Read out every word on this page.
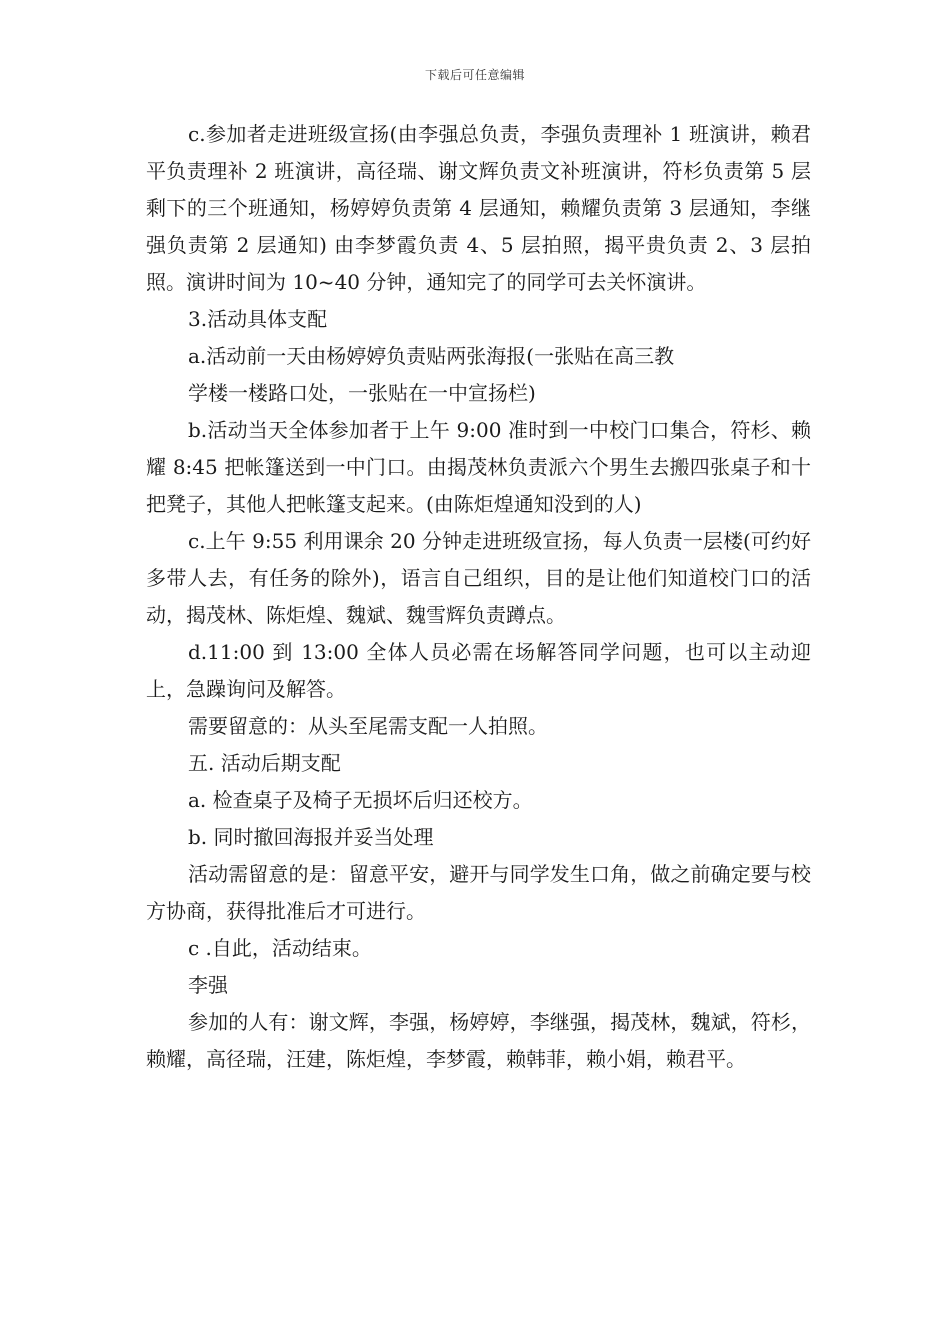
下载后可任意编辑

c.参加者走进班级宣扬(由李强总负责，李强负责理补 1 班演讲，赖君平负责理补 2 班演讲，高径瑞、谢文辉负责文补班演讲，符杉负责第 5 层剩下的三个班通知，杨婷婷负责第 4 层通知，赖耀负责第 3 层通知，李继强负责第 2 层通知) 由李梦霞负责 4、5 层拍照，揭平贵负责 2、3 层拍照。演讲时间为 10~40 分钟，通知完了的同学可去关怀演讲。

3.活动具体支配

a.活动前一天由杨婷婷负责贴两张海报(一张贴在高三教

学楼一楼路口处，一张贴在一中宣扬栏)

b.活动当天全体参加者于上午 9:00 准时到一中校门口集合，符杉、赖耀 8:45 把帐篷送到一中门口。由揭茂林负责派六个男生去搬四张桌子和十把凳子，其他人把帐篷支起来。(由陈炬煌通知没到的人)

c.上午 9:55 利用课余 20 分钟走进班级宣扬，每人负责一层楼(可约好多带人去，有任务的除外)，语言自己组织，目的是让他们知道校门口的活动，揭茂林、陈炬煌、魏斌、魏雪辉负责蹲点。

d.11:00 到 13:00 全体人员必需在场解答同学问题，也可以主动迎上，急躁询问及解答。

需要留意的：从头至尾需支配一人拍照。

五. 活动后期支配

a. 检查桌子及椅子无损坏后归还校方。

b. 同时撤回海报并妥当处理

活动需留意的是：留意平安，避开与同学发生口角，做之前确定要与校方协商，获得批准后才可进行。

c .自此，活动结束。

李强

参加的人有：谢文辉，李强，杨婷婷，李继强，揭茂林，魏斌，符杉，赖耀，高径瑞，汪建，陈炬煌，李梦霞，赖韩菲，赖小娟，赖君平。
